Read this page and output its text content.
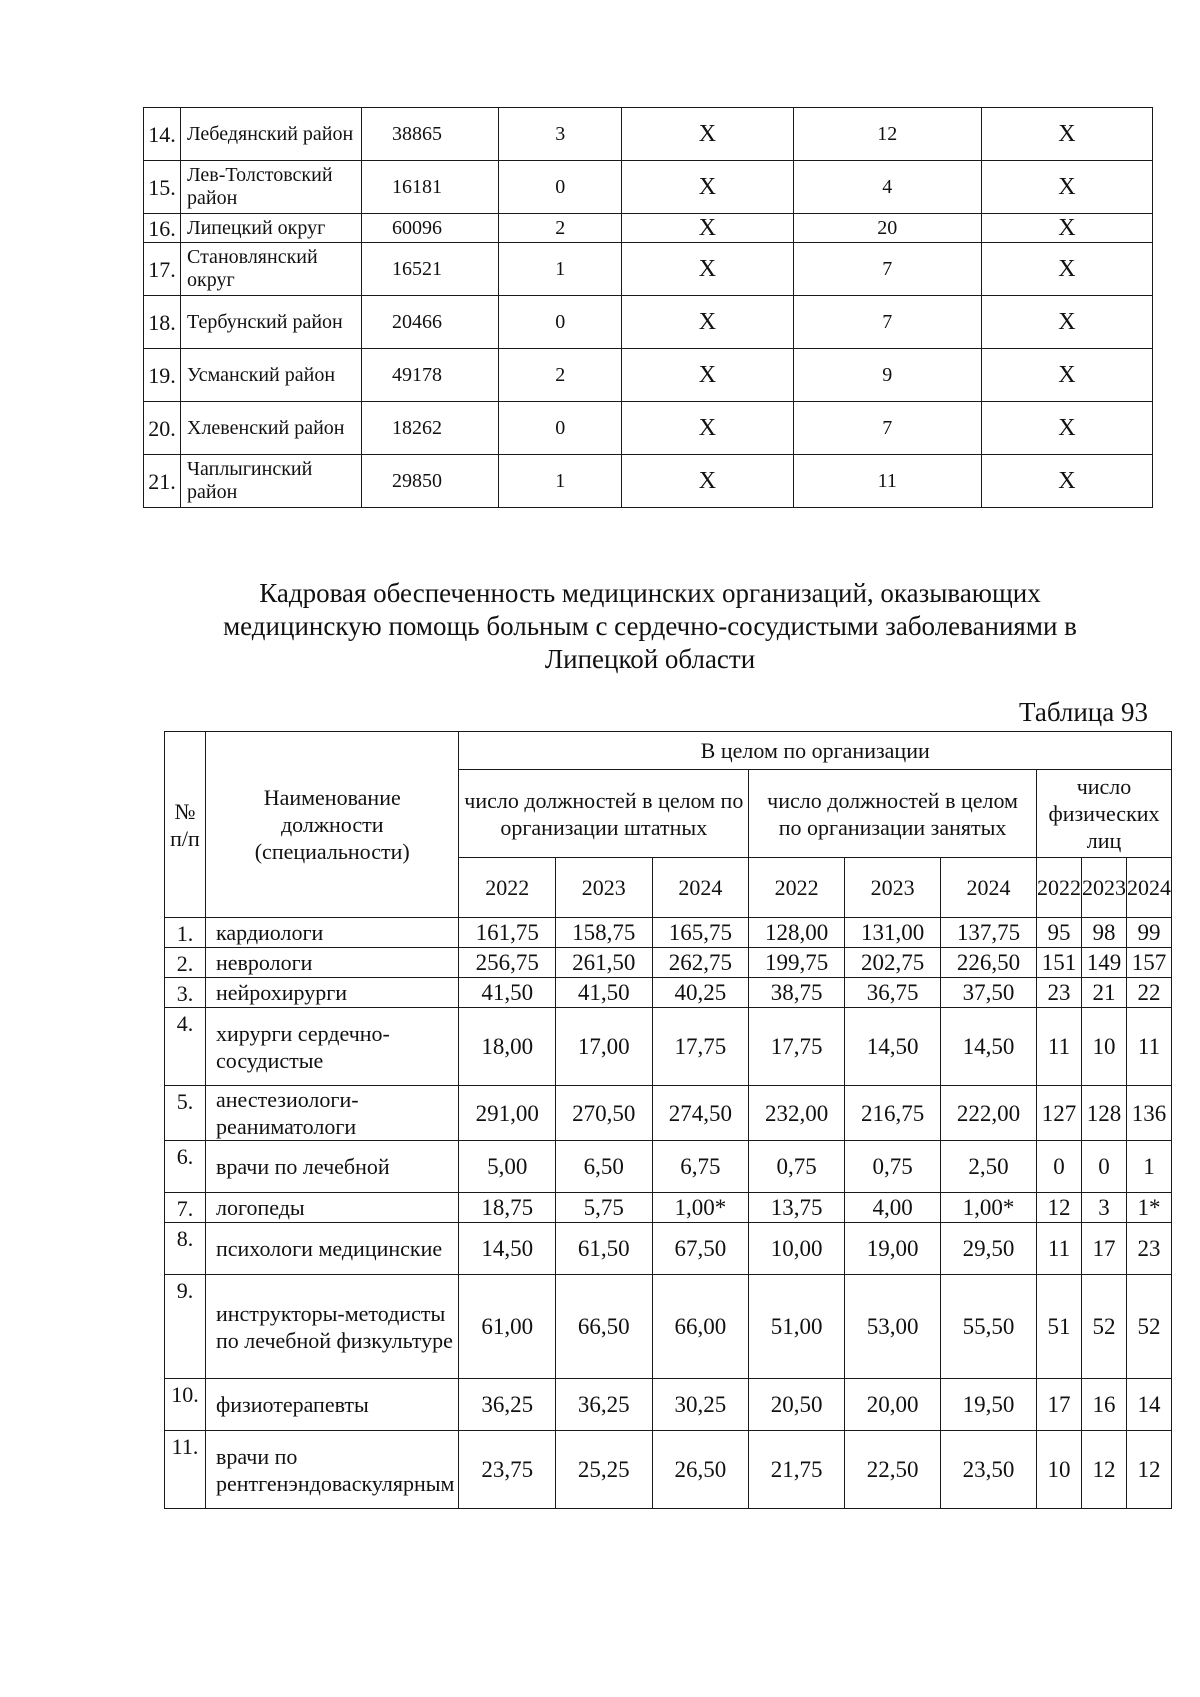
14.	Лебедянский район	38865	3	X	12	X
15.	Лев-Толстовский район	16181	0	X	4	X
16.	Липецкий округ	60096	2	X	20	X
17.	Становлянский округ	16521	1	X	7	X
18.	Тербунский район	20466	0	X	7	X
19.	Усманский район	49178	2	X	9	X
20.	Хлевенский район	18262	0	X	7	X
21.	Чаплыгинский район	29850	1	X	11	X
Кадровая обеспеченность медицинских организаций, оказывающих медицинскую помощь больным с сердечно-сосудистыми заболеваниями в Липецкой области
Таблица 93
№ п/п	Наименование должности (специальности)	В целом по организации								
		число должностей в целом по организации штатных			число должностей в целом по организации занятых			число физических лиц		
		2022	2023	2024	2022	2023	2024	2022	2023	2024
1.	кардиологи	161,75	158,75	165,75	128,00	131,00	137,75	95	98	99
2.	неврологи	256,75	261,50	262,75	199,75	202,75	226,50	151	149	157
3.	нейрохирурги	41,50	41,50	40,25	38,75	36,75	37,50	23	21	22
4.	хирурги сердечно-сосудистые	18,00	17,00	17,75	17,75	14,50	14,50	11	10	11
5.	анестезиологи-реаниматологи	291,00	270,50	274,50	232,00	216,75	222,00	127	128	136
6.	врачи по лечебной	5,00	6,50	6,75	0,75	0,75	2,50	0	0	1
7.	логопеды	18,75	5,75	1,00*	13,75	4,00	1,00*	12	3	1*
8.	психологи медицинские	14,50	61,50	67,50	10,00	19,00	29,50	11	17	23
9.	инструкторы-методисты по лечебной физкультуре	61,00	66,50	66,00	51,00	53,00	55,50	51	52	52
10.	физиотерапевты	36,25	36,25	30,25	20,50	20,00	19,50	17	16	14
11.	врачи по рентгенэндоваскулярным	23,75	25,25	26,50	21,75	22,50	23,50	10	12	12
